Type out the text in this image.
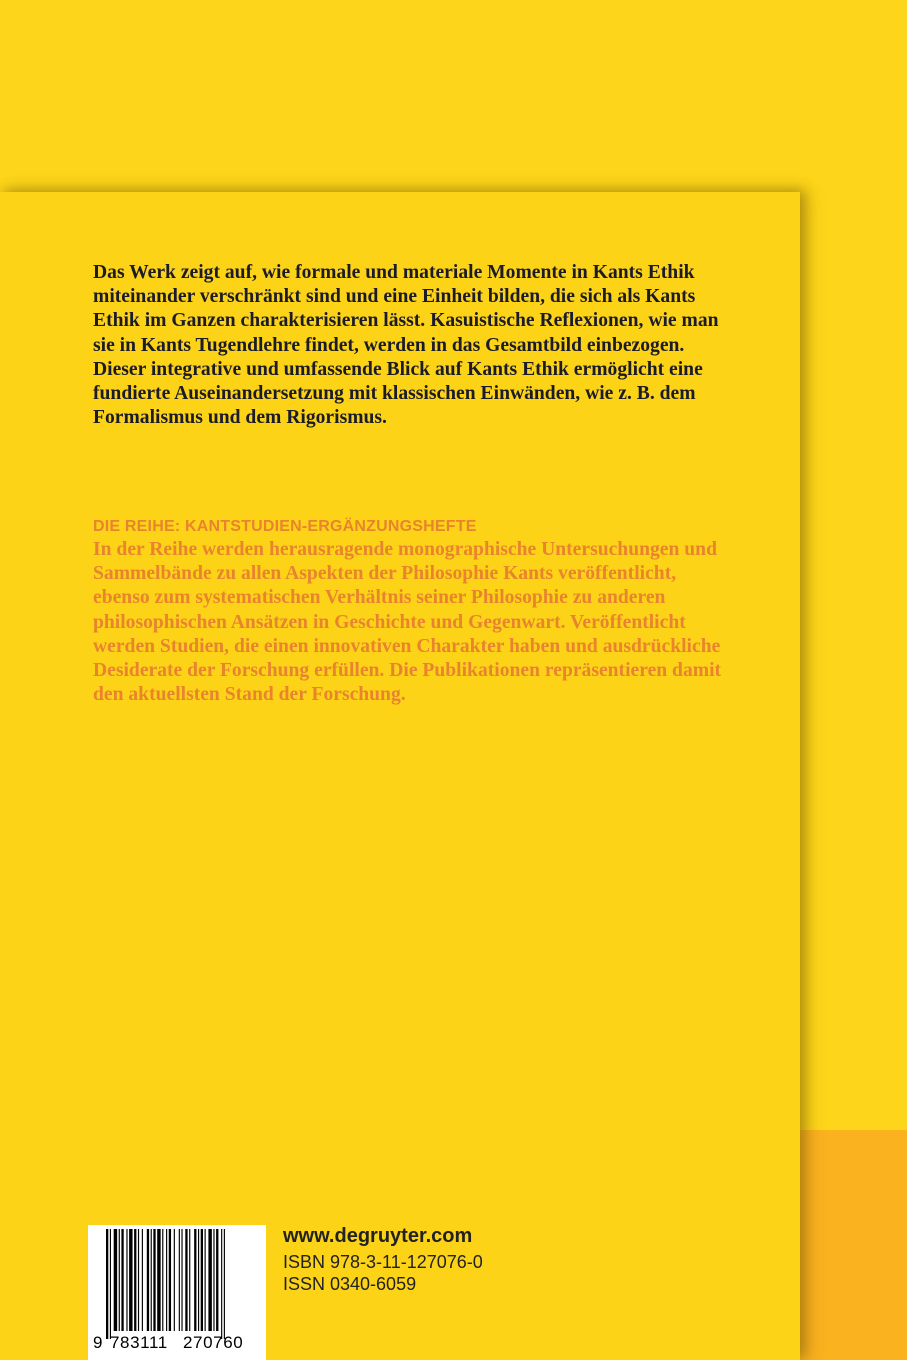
Das Werk zeigt auf, wie formale und materiale Momente in Kants Ethik miteinander verschränkt sind und eine Einheit bilden, die sich als Kants Ethik im Ganzen charakterisieren lässt. Kasuistische Reflexionen, wie man sie in Kants Tugendlehre findet, werden in das Gesamtbild einbezogen. Dieser integrative und umfassende Blick auf Kants Ethik ermöglicht eine fundierte Auseinandersetzung mit klassischen Einwänden, wie z. B. dem Formalismus und dem Rigorismus.

DIE REIHE: KANTSTUDIEN-ERGÄNZUNGSHEFTE

In der Reihe werden herausragende monographische Untersuchungen und Sammelbände zu allen Aspekten der Philosophie Kants veröffentlicht, ebenso zum systematischen Verhältnis seiner Philosophie zu anderen philosophischen Ansätzen in Geschichte und Gegenwart. Veröffentlicht werden Studien, die einen innovativen Charakter haben und ausdrückliche Desiderate der Forschung erfüllen. Die Publikationen repräsentieren damit den aktuellsten Stand der Forschung.

9 783111 270760

www.degruyter.com

ISBN 978-3-11-127076-0

ISSN 0340-6059
